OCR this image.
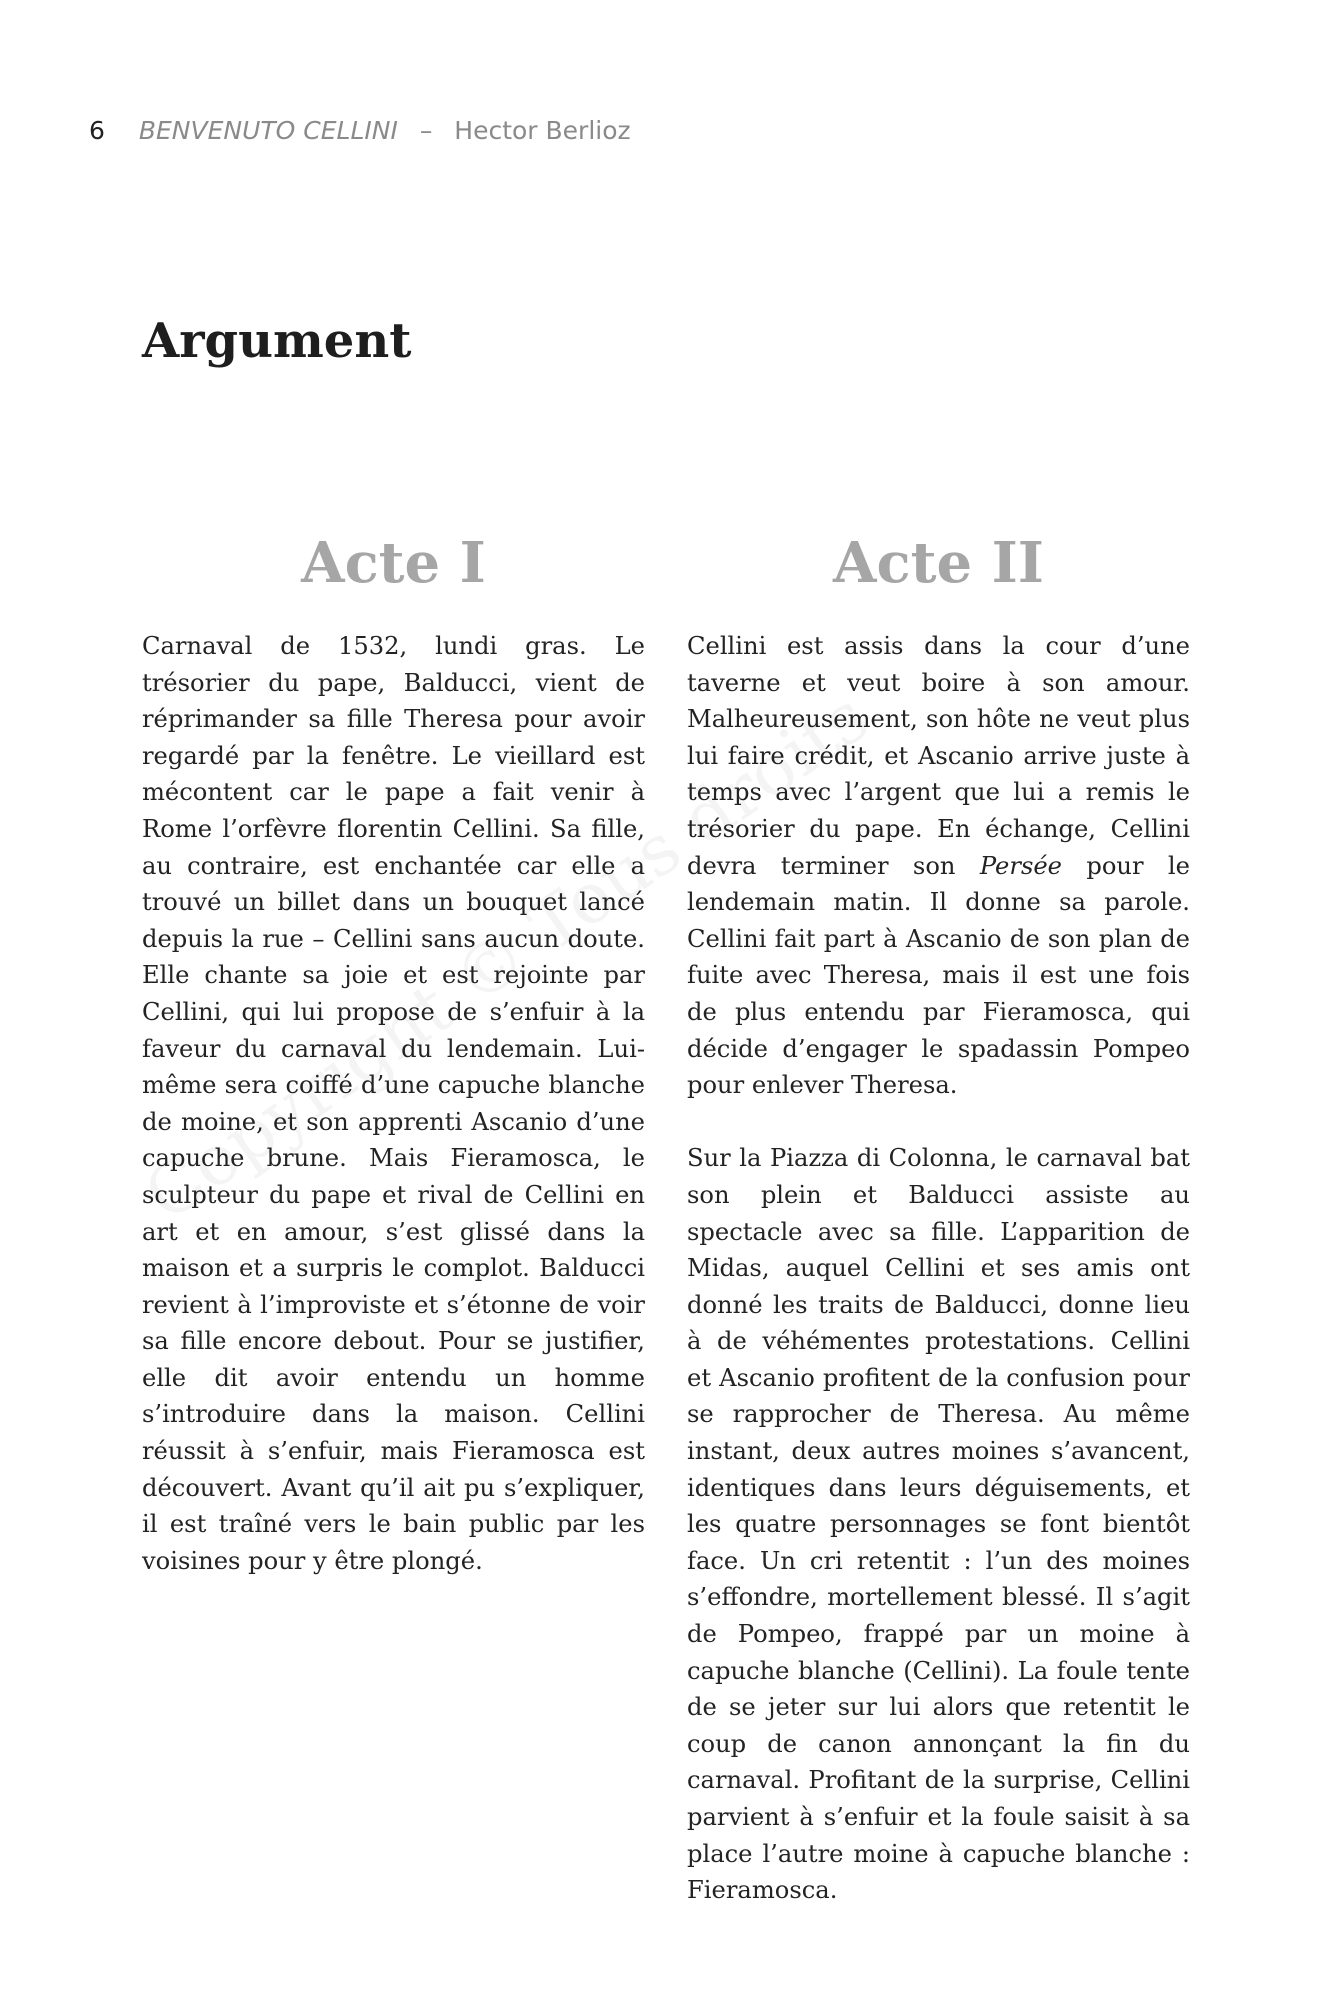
6 BENVENUTO CELLINI – Hector Berlioz
Argument
Acte I	Acte II

Carnaval de 1532, lundi gras. Le trésorier du pape, Balducci, vient de réprimander sa fille Theresa pour avoir regardé par la fenêtre. Le vieillard est mécontent car le pape a fait venir à Rome l’orfèvre florentin Cellini. Sa fille, au contraire, est enchantée car elle a trouvé un billet dans un bouquet lancé depuis la rue – Cellini sans aucun doute. Elle chante sa joie et est rejointe par Cellini, qui lui propose de s’enfuir à la faveur du carnaval du lendemain. Lui-même sera coiffé d’une capuche blanche de moine, et son apprenti Ascanio d’une capuche brune. Mais Fieramosca, le sculpteur du pape et rival de Cellini en art et en amour, s’est glissé dans la maison et a surpris le complot. Balducci revient à l’improviste et s’étonne de voir sa fille encore debout. Pour se justifier, elle dit avoir entendu un homme s’introduire dans la maison. Cellini réussit à s’enfuir, mais Fieramosca est découvert. Avant qu’il ait pu s’expliquer, il est traîné vers le bain public par les voisines pour y être plongé.

Cellini est assis dans la cour d’une taverne et veut boire à son amour. Malheureusement, son hôte ne veut plus lui faire crédit, et Ascanio arrive juste à temps avec l’argent que lui a remis le trésorier du pape. En échange, Cellini devra terminer son Persée pour le lendemain matin. Il donne sa parole. Cellini fait part à Ascanio de son plan de fuite avec Theresa, mais il est une fois de plus entendu par Fieramosca, qui décide d’engager le spadassin Pompeo pour enlever Theresa.

Sur la Piazza di Colonna, le carnaval bat son plein et Balducci assiste au spectacle avec sa fille. L’apparition de Midas, auquel Cellini et ses amis ont donné les traits de Balducci, donne lieu à de véhémentes protestations. Cellini et Ascanio profitent de la confusion pour se rapprocher de Theresa. Au même instant, deux autres moines s’avancent, identiques dans leurs déguisements, et les quatre personnages se font bientôt face. Un cri retentit : l’un des moines s’effondre, mortellement blessé. Il s’agit de Pompeo, frappé par un moine à capuche blanche (Cellini). La foule tente de se jeter sur lui alors que retentit le coup de canon annonçant la fin du carnaval. Profitant de la surprise, Cellini parvient à s’enfuir et la foule saisit à sa place l’autre moine à capuche blanche : Fieramosca.
